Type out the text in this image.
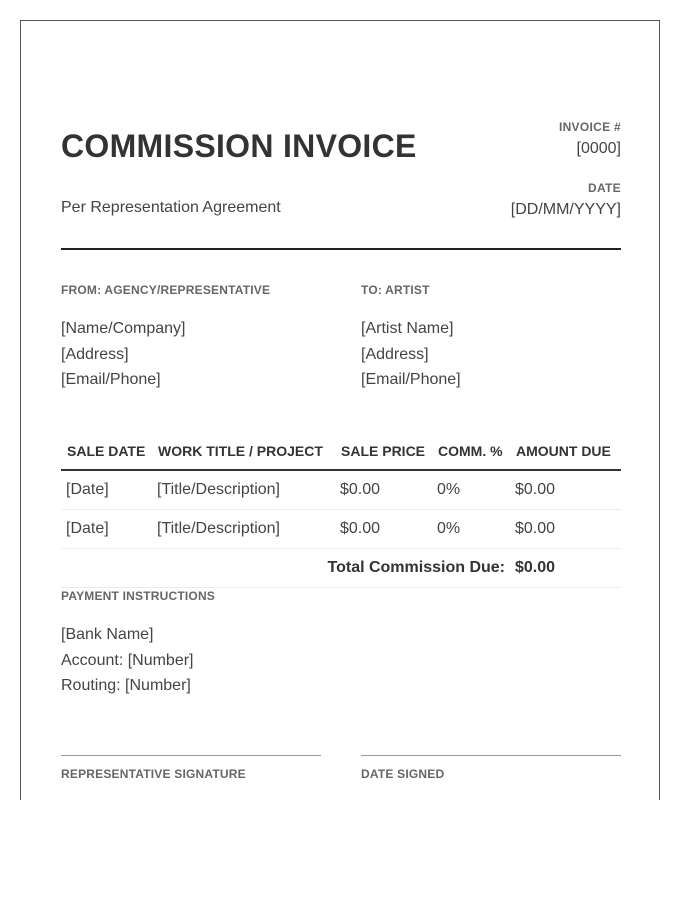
COMMISSION INVOICE
Per Representation Agreement
INVOICE #
[0000]
DATE
[DD/MM/YYYY]
FROM: AGENCY/REPRESENTATIVE
[Name/Company]
[Address]
[Email/Phone]
TO: ARTIST
[Artist Name]
[Address]
[Email/Phone]
SALE DATE	WORK TITLE / PROJECT	SALE PRICE	COMM. %	AMOUNT DUE
[Date]	[Title/Description]	$0.00	0%	$0.00
[Date]	[Title/Description]	$0.00	0%	$0.00
Total Commission Due:				$0.00
PAYMENT INSTRUCTIONS
[Bank Name]
Account: [Number]
Routing: [Number]
REPRESENTATIVE SIGNATURE	DATE SIGNED
